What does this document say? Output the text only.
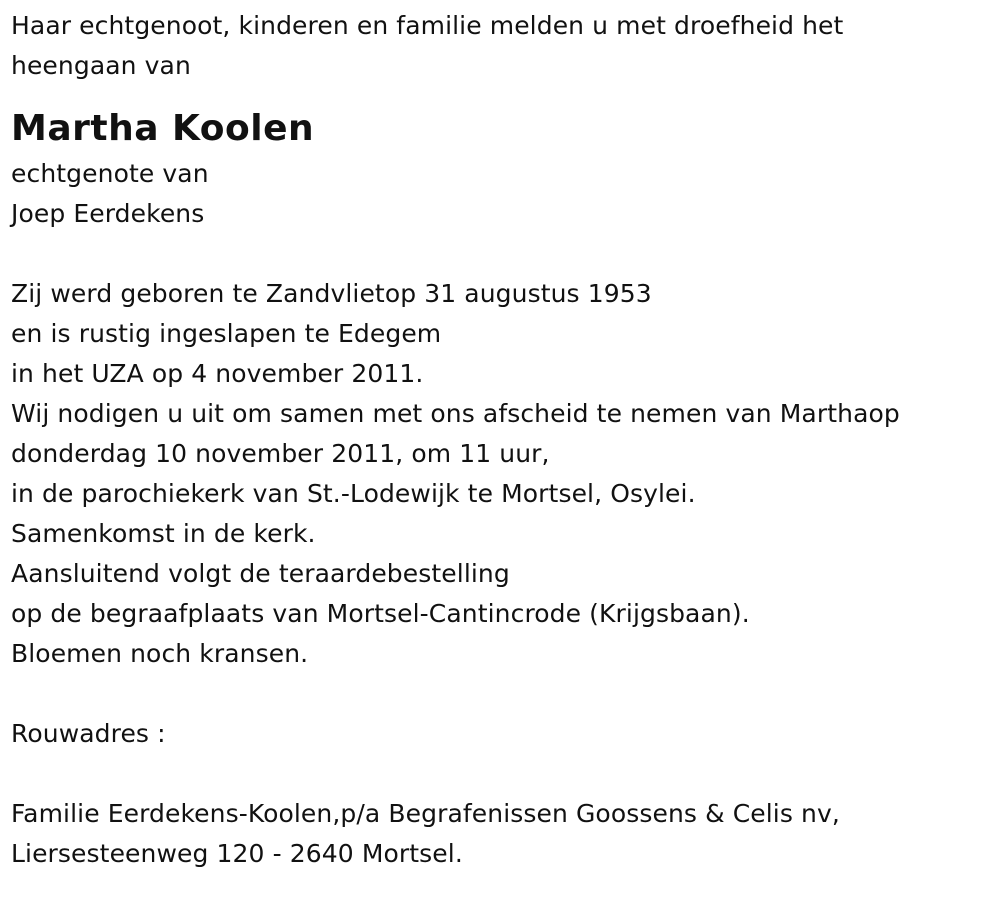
Haar echtgenoot, kinderen en familie melden u met droefheid het
heengaan van
Martha Koolen
echtgenote van
Joep Eerdekens
Zij werd geboren te Zandvlietop 31 augustus 1953
en is rustig ingeslapen te Edegem
in het UZA op 4 november 2011.
Wij nodigen u uit om samen met ons afscheid te nemen van Marthaop
donderdag 10 november 2011, om 11 uur,
in de parochiekerk van St.-Lodewijk te Mortsel, Osylei.
Samenkomst in de kerk.
Aansluitend volgt de teraardebestelling
op de begraafplaats van Mortsel-Cantincrode (Krijgsbaan).
Bloemen noch kransen.
Rouwadres :
Familie Eerdekens-Koolen,p/a Begrafenissen Goossens & Celis nv,
Liersesteenweg 120 - 2640 Mortsel.
